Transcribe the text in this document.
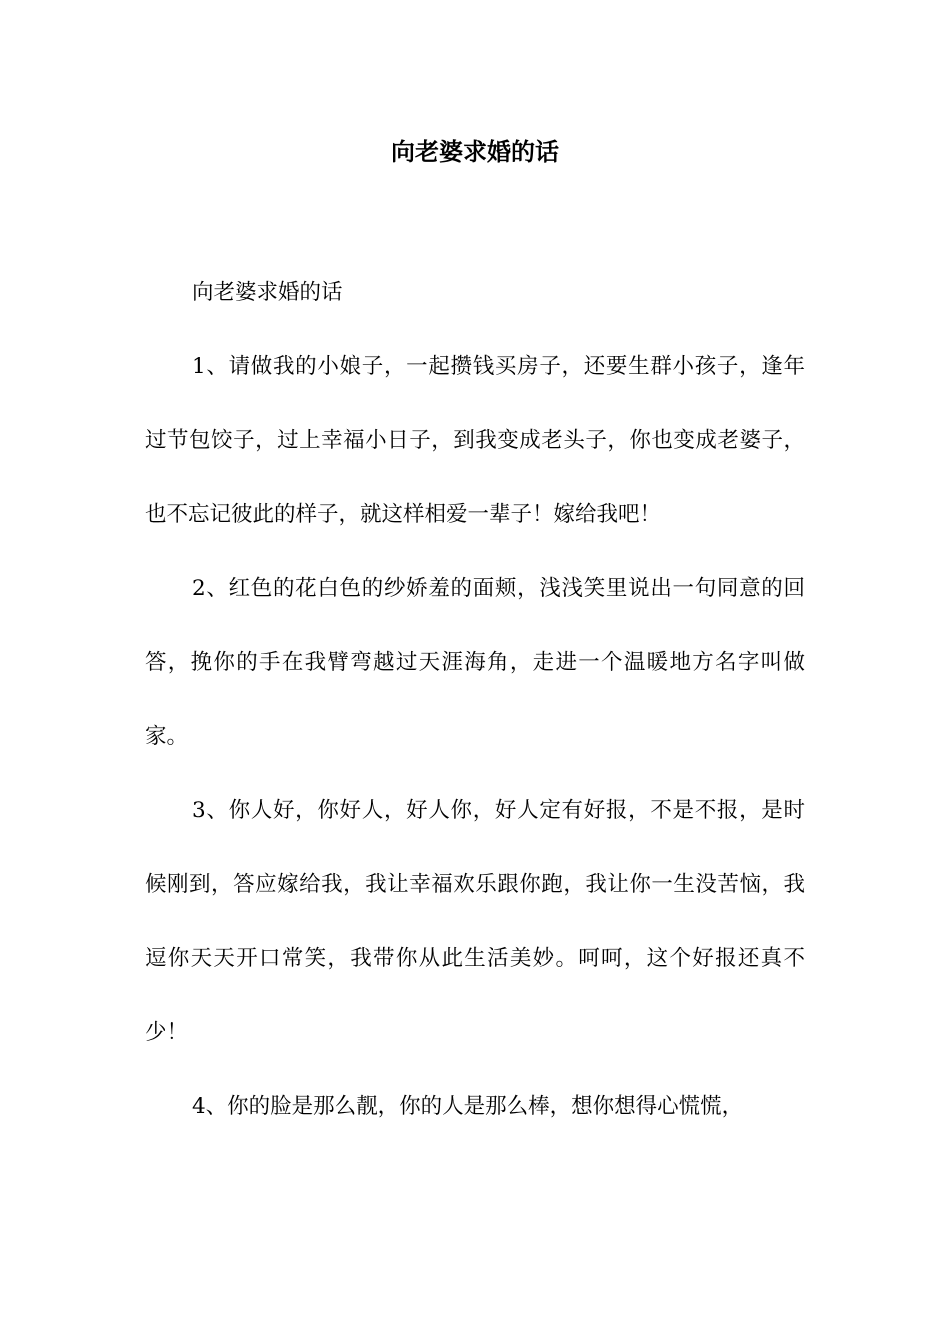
向老婆求婚的话

向老婆求婚的话

1、请做我的小娘子，一起攒钱买房子，还要生群小孩子，逢年过节包饺子，过上幸福小日子，到我变成老头子，你也变成老婆子，也不忘记彼此的样子，就这样相爱一辈子！嫁给我吧！

2、红色的花白色的纱娇羞的面颊，浅浅笑里说出一句同意的回答，挽你的手在我臂弯越过天涯海角，走进一个温暖地方名字叫做家。

3、你人好，你好人，好人你，好人定有好报，不是不报，是时候刚到，答应嫁给我，我让幸福欢乐跟你跑，我让你一生没苦恼，我逗你天天开口常笑，我带你从此生活美妙。呵呵，这个好报还真不少！

4、你的脸是那么靓，你的人是那么棒，想你想得心慌慌，
